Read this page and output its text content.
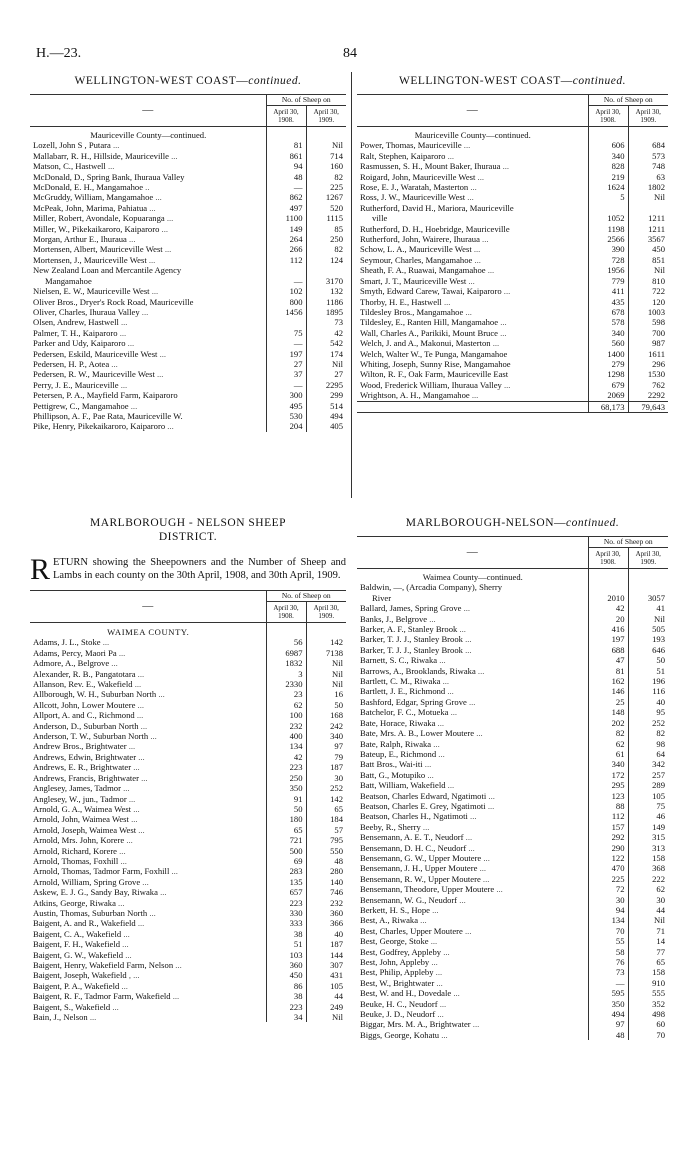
H.—23.	84
WELLINGTON-WEST COAST—continued.
—	No. of Sheep on	
	April 30, 1908.	April 30, 1909.
Mauriceville County—continued.		
Lozell, John S , Putara ...	81	Nil
Mallabarr, R. H., Hillside, Mauriceville ...	861	714
Matson, C., Hastwell ...	94	160
McDonald, D., Spring Bank, Ihuraua Valley	48	82
McDonald, E. H., Mangamahoe ..	—	225
McGruddy, William, Mangamahoe ...	862	1267
McPeak, John, Marima, Pahiatua ...	497	520
Miller, Robert, Avondale, Kopuaranga ...	1100	1115
Miller, W., Pikekaikaroro, Kaiparoro ...	149	85
Morgan, Arthur E., Ihuraua ...	264	250
Mortensen, Albert, Mauriceville West ...	266	82
Mortensen, J., Mauriceville West ...	112	124
New Zealand Loan and Mercantile Agency
Mangamahoe	—	3170
Nielsen, E. W., Mauriceville West ...	102	132
Oliver Bros., Dryer's Rock Road, Mauriceville	800	1186
Oliver, Charles, Ihuraua Valley ...	1456	1895
Olsen, Andrew, Hastwell ...		73
Palmer, T. H., Kaiparoro ...	75	42
Parker and Udy, Kaiparoro ...	—	542
Pedersen, Eskild, Mauriceville West ...	197	174
Pedersen, H. P., Aotea ...	27	Nil
Pedersen, R. W., Mauriceville West ...	37	27
Perry, J. E., Mauriceville ...	—	2295
Petersen, P. A., Mayfield Farm, Kaiparoro	300	299
Pettigrew, C., Mangamahoe ...	495	514
Phillipson, A. F., Pae Rata, Mauriceville W.	530	494
Pike, Henry, Pikekaikaroro, Kaiparoro ...	204	405
WELLINGTON-WEST COAST—continued.
—	No. of Sheep on	
	April 30, 1908.	April 30, 1909.
Mauriceville County—continued.		
Power, Thomas, Mauriceville ...	606	684
Ralt, Stephen, Kaiparoro ...	340	573
Rasmussen, S. H., Mount Baker, Ihuraua ...	828	748
Roigard, John, Mauriceville West ...	219	63
Rose, E. J., Waratah, Masterton ...	1624	1802
Ross, J. W., Mauriceville West ...	5	Nil
Rutherford, David H., Mariora, Mauriceville
ville	1052	1211
Rutherford, D. H., Hoebridge, Mauriceville	1198	1211
Rutherford, John, Wairere, Ihuraua ...	2566	3567
Schow, L. A., Mauriceville West ...	390	450
Seymour, Charles, Mangamahoe ...	728	851
Sheath, F. A., Ruawai, Mangamahoe ...	1956	Nil
Smart, J. T., Mauriceville West ...	779	810
Smyth, Edward Carew, Tawai, Kaiparoro ...	411	722
Thorby, H. E., Hastwell ...	435	120
Tildesley Bros., Mangamahoe ...	678	1003
Tildesley, E., Ranten Hill, Mangamahoe ...	578	598
Wall, Charles A., Parikiki, Mount Bruce ...	340	700
Welch, J. and A., Makonui, Masterton ...	560	987
Welch, Walter W., Te Punga, Mangamahoe	1400	1611
Whiting, Joseph, Sunny Rise, Mangamahoe	279	296
Wilton, R. F., Oak Farm, Mauriceville East	1298	1530
Wood, Frederick William, Ihuraua Valley ...	679	762
Wrightson, A. H., Mangamahoe ...	2069	2292
	68,173	79,643
MARLBOROUGH - NELSON SHEEP
DISTRICT.
RETURN showing the Sheepowners and the Number of Sheep and Lambs in each county on the 30th April, 1908, and 30th April, 1909.
—	No. of Sheep on	
	April 30, 1908.	April 30, 1909.
WAIMEA COUNTY.		
Adams, J. L., Stoke ...	56	142
Adams, Percy, Maori Pa ...	6987	7138
Admore, A., Belgrove ...	1832	Nil
Alexander, R. B., Pangatotara ...	3	Nil
Allanson, Rev. E., Wakefield ...	2330	Nil
Allborough, W. H., Suburban North ...	23	16
Allcott, John, Lower Moutere ...	62	50
Allport, A. and C., Richmond ...	100	168
Anderson, D., Suburban North ...	232	242
Anderson, T. W., Suburban North ...	400	340
Andrew Bros., Brightwater ...	134	97
Andrews, Edwin, Brightwater ...	42	79
Andrews, E. R., Brightwater ...	223	187
Andrews, Francis, Brightwater ...	250	30
Anglesey, James, Tadmor ...	350	252
Anglesey, W., jun., Tadmor ...	91	142
Arnold, G. A., Waimea West ...	50	65
Arnold, John, Waimea West ...	180	184
Arnold, Joseph, Waimea West ...	65	57
Arnold, Mrs. John, Korere ...	721	795
Arnold, Richard, Korere ...	500	550
Arnold, Thomas, Foxhill ...	69	48
Arnold, Thomas, Tadmor Farm, Foxhill ...	283	280
Arnold, William, Spring Grove ...	135	140
Askew, E. J. G., Sandy Bay, Riwaka ...	657	746
Atkins, George, Riwaka ...	223	232
Austin, Thomas, Suburban North ...	330	360
Baigent, A. and R., Wakefield ...	333	366
Baigent, C. A., Wakefield ...	38	40
Baigent, F. H., Wakefield ...	51	187
Baigent, G. W., Wakefield ...	103	144
Baigent, Henry, Wakefield Farm, Nelson ...	360	307
Baigent, Joseph, Wakefield , ...	450	431
Baigent, P. A., Wakefield ...	86	105
Baigent, R. F., Tadmor Farm, Wakefield ...	38	44
Baigent, S., Wakefield ...	223	249
Bain, J., Nelson ...	34	Nil
MARLBOROUGH-NELSON—continued.
—	No. of Sheep on	
	April 30, 1908.	April 30, 1909.
Waimea County—continued.		
Baldwin, —, (Arcadia Company), Sherry
River	2010	3057
Ballard, James, Spring Grove ...	42	41
Banks, J., Belgrove ...	20	Nil
Barker, A. F., Stanley Brook ...	416	505
Barker, T. J. J., Stanley Brook ...	197	193
Barker, T. J. J., Stanley Brook ...	688	646
Barnett, S. C., Riwaka ...	47	50
Barrows, A., Brooklands, Riwaka ...	81	51
Bartlett, C. M., Riwaka ...	162	196
Bartlett, J. E., Richmond ...	146	116
Bashford, Edgar, Spring Grove ...	25	40
Batchelor, F. C., Motueka ...	148	95
Bate, Horace, Riwaka ...	202	252
Bate, Mrs. A. B., Lower Moutere ...	82	82
Bate, Ralph, Riwaka ...	62	98
Bateup, E., Richmond ...	61	64
Batt Bros., Wai-iti ...	340	342
Batt, G., Motupiko ...	172	257
Batt, William, Wakefield ...	295	289
Beatson, Charles Edward, Ngatimoti ...	123	105
Beatson, Charles E. Grey, Ngatimoti ...	88	75
Beatson, Charles H., Ngatimoti ...	112	46
Beeby, R., Sherry ...	157	149
Bensemann, A. E. T., Neudorf ...	292	315
Bensemann, D. H. C., Neudorf ...	290	313
Bensemann, G. W., Upper Moutere ...	122	158
Bensemann, J. H., Upper Moutere ...	470	368
Bensemann, R. W., Upper Moutere ...	225	222
Bensemann, Theodore, Upper Moutere ...	72	62
Bensemann, W. G., Neudorf ...	30	30
Berkett, H. S., Hope ...	94	44
Best, A., Riwaka ...	134	Nil
Best, Charles, Upper Moutere ...	70	71
Best, George, Stoke ...	55	14
Best, Godfrey, Appleby ...	58	77
Best, John, Appleby ...	76	65
Best, Philip, Appleby ...	73	158
Best, W., Brightwater ...	—	910
Best, W. and H., Dovedale ...	595	555
Beuke, H. C., Neudorf ...	350	352
Beuke, J. D., Neudorf ...	494	498
Biggar, Mrs. M. A., Brightwater ...	97	60
Biggs, George, Kohatu ...	48	70
